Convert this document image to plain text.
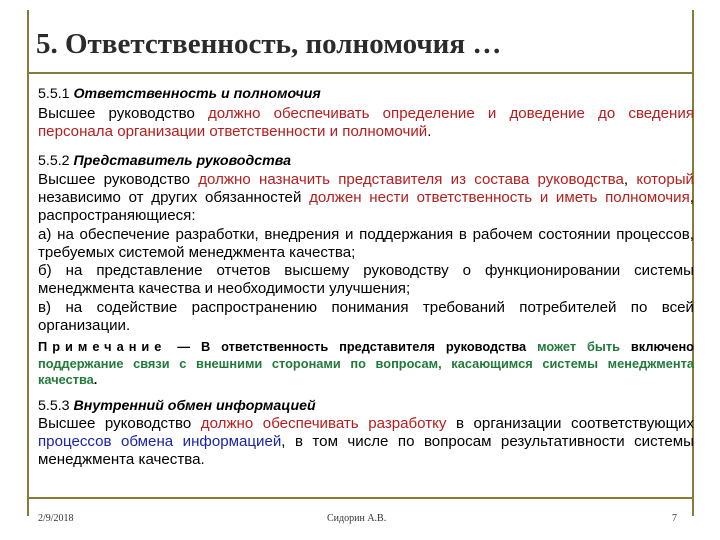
5. Ответственность, полномочия …
5.5.1 Ответственность и полномочия
Высшее руководство должно обеспечивать определение и доведение до сведения персонала организации ответственности и полномочий.
5.5.2 Представитель руководства
Высшее руководство должно назначить представителя из состава руководства, который независимо от других обязанностей должен нести ответственность и иметь полномочия, распространяющиеся:
а) на обеспечение разработки, внедрения и поддержания в рабочем состоянии процессов, требуемых системой менеджмента качества;
б) на представление отчетов высшему руководству о функционировании системы менеджмента качества и необходимости улучшения;
в) на содействие распространению понимания требований потребителей по всей организации.
Примечание — В ответственность представителя руководства может быть включено поддержание связи с внешними сторонами по вопросам, касающимся системы менеджмента качества.
5.5.3 Внутренний обмен информацией
Высшее руководство должно обеспечивать разработку в организации соответствующих процессов обмена информацией, в том числе по вопросам результативности системы менеджмента качества.
2/9/2018	Сидорин А.В.	7
